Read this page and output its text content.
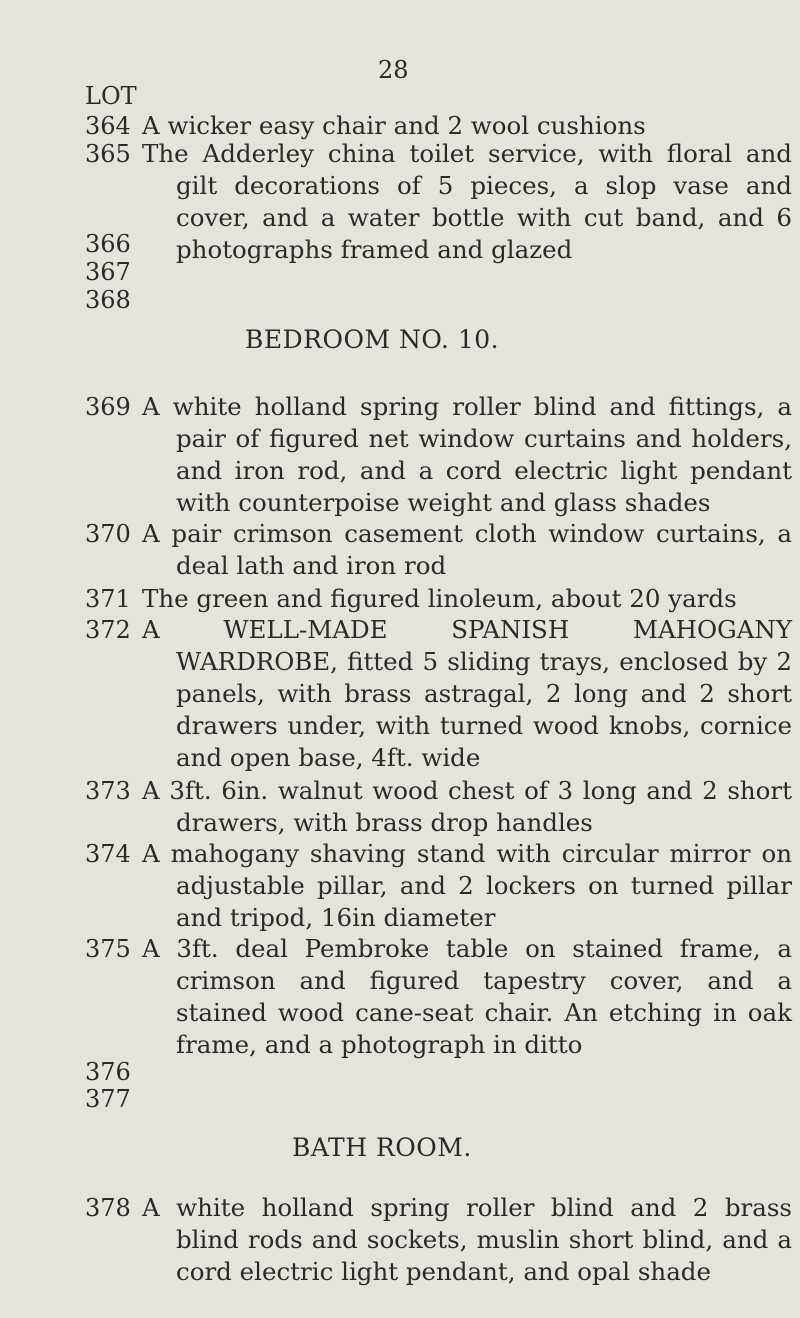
28
LOT
364
365
366
367
368
369
370
371
372
373
374
375
376
377
378
A wicker easy chair and 2 wool cushions
The Adderley china toilet service, with floral and gilt decorations of 5 pieces, a slop vase and cover, and a water bottle with cut band, and 6 photographs framed and glazed
BEDROOM NO. 10.
A white holland spring roller blind and fittings, a pair of figured net window curtains and holders, and iron rod, and a cord electric light pendant with counterpoise weight and glass shades
A pair crimson casement cloth window curtains, a deal lath and iron rod
The green and figured linoleum, about 20 yards
A WELL-MADE SPANISH MAHOGANY WARDROBE, fitted 5 sliding trays, enclosed by 2 panels, with brass astragal, 2 long and 2 short drawers under, with turned wood knobs, cornice and open base, 4ft. wide
A 3ft. 6in. walnut wood chest of 3 long and 2 short drawers, with brass drop handles
A mahogany shaving stand with circular mirror on adjustable pillar, and 2 lockers on turned pillar and tripod, 16in diameter
A 3ft. deal Pembroke table on stained frame, a crimson and figured tapestry cover, and a stained wood cane-seat chair. An etching in oak frame, and a photograph in ditto
BATH ROOM.
A white holland spring roller blind and 2 brass blind rods and sockets, muslin short blind, and a cord electric light pendant, and opal shade
